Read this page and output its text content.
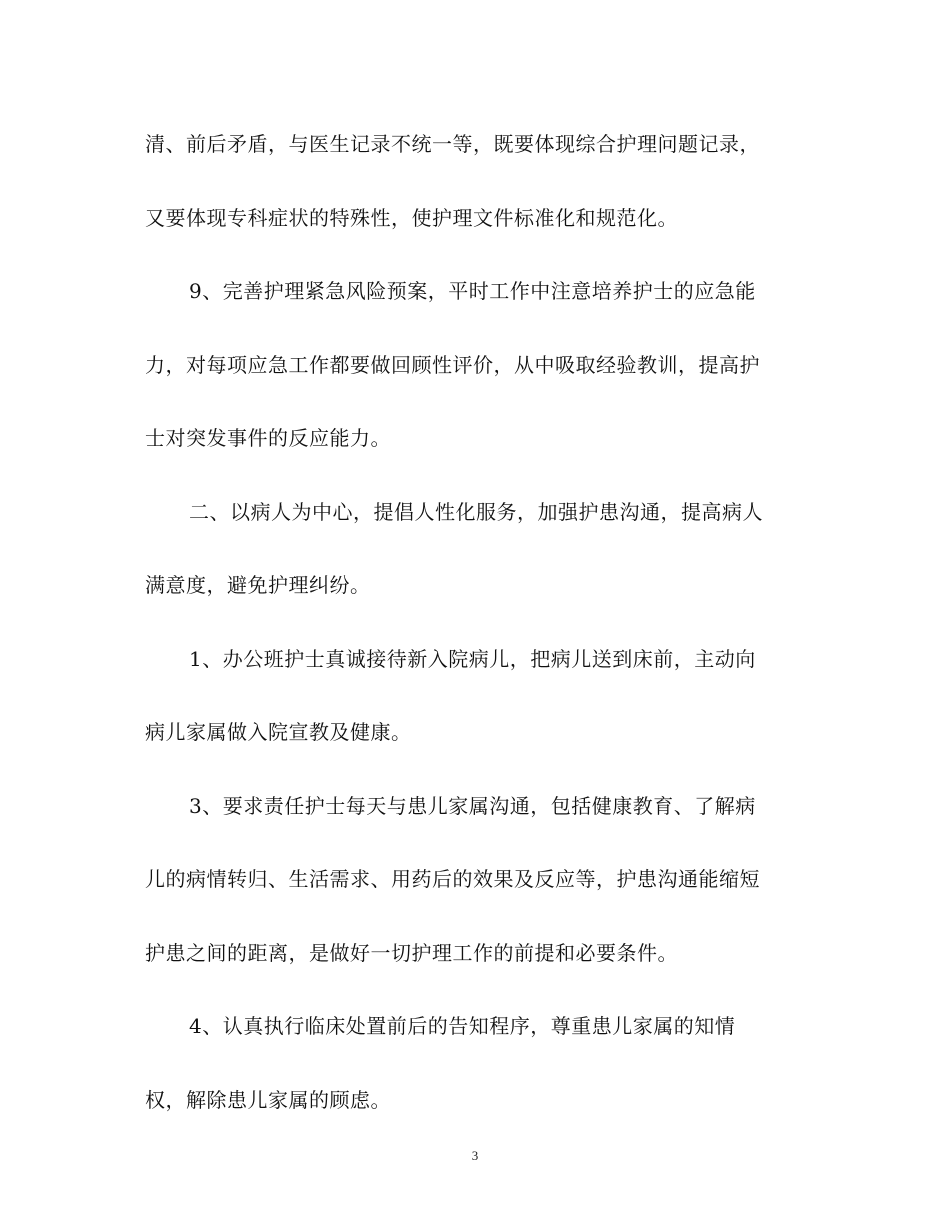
清、前后矛盾，与医生记录不统一等，既要体现综合护理问题记录，
又要体现专科症状的特殊性，使护理文件标准化和规范化。
9、完善护理紧急风险预案，平时工作中注意培养护士的应急能
力，对每项应急工作都要做回顾性评价，从中吸取经验教训，提高护
士对突发事件的反应能力。
二、以病人为中心，提倡人性化服务，加强护患沟通，提高病人
满意度，避免护理纠纷。
1、办公班护士真诚接待新入院病儿，把病儿送到床前，主动向
病儿家属做入院宣教及健康。
3、要求责任护士每天与患儿家属沟通，包括健康教育、了解病
儿的病情转归、生活需求、用药后的效果及反应等，护患沟通能缩短
护患之间的距离，是做好一切护理工作的前提和必要条件。
4、认真执行临床处置前后的告知程序，尊重患儿家属的知情
权，解除患儿家属的顾虑。
3
